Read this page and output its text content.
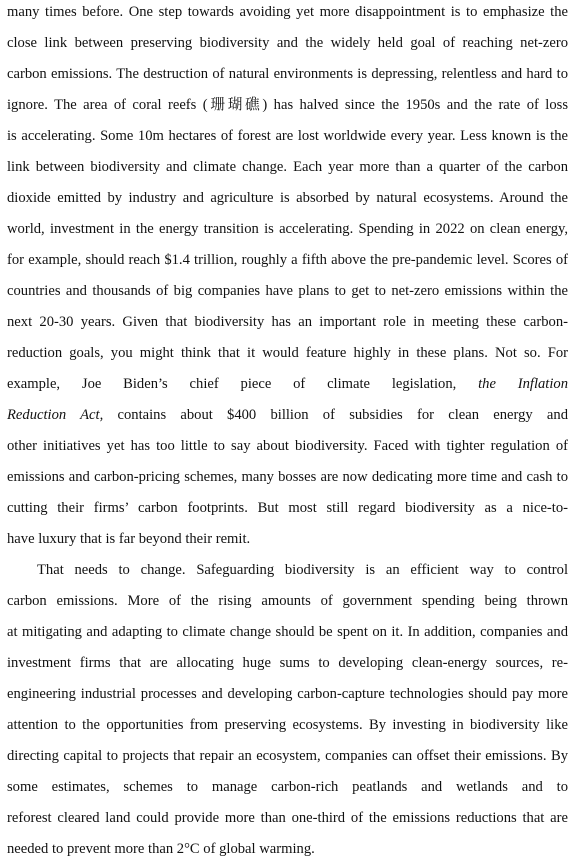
many times before. One step towards avoiding yet more disappointment is to emphasize the
close link between preserving biodiversity and the widely held goal of reaching net-zero
carbon emissions. The destruction of natural environments is depressing, relentless and hard to
ignore. The area of coral reefs (珊瑚礁) has halved since the 1950s and the rate of loss
is accelerating. Some 10m hectares of forest are lost worldwide every year. Less known is the
link between biodiversity and climate change. Each year more than a quarter of the carbon
dioxide emitted by industry and agriculture is absorbed by natural ecosystems. Around the
world, investment in the energy transition is accelerating. Spending in 2022 on clean energy,
for example, should reach $1.4 trillion, roughly a fifth above the pre-pandemic level. Scores of
countries and thousands of big companies have plans to get to net-zero emissions within the
next 20-30 years. Given that biodiversity has an important role in meeting these carbon-
reduction goals, you might think that it would feature highly in these plans. Not so. For
example, Joe Biden’s chief piece of climate legislation, the Inflation
Reduction Act, contains about $400 billion of subsidies for clean energy and
other initiatives yet has too little to say about biodiversity. Faced with tighter regulation of
emissions and carbon-pricing schemes, many bosses are now dedicating more time and cash to
cutting their firms’ carbon footprints. But most still regard biodiversity as a nice-to-
have luxury that is far beyond their remit.
That needs to change. Safeguarding biodiversity is an efficient way to control
carbon emissions. More of the rising amounts of government spending being thrown
at mitigating and adapting to climate change should be spent on it. In addition, companies and
investment firms that are allocating huge sums to developing clean-energy sources, re-
engineering industrial processes and developing carbon-capture technologies should pay more
attention to the opportunities from preserving ecosystems. By investing in biodiversity like
directing capital to projects that repair an ecosystem, companies can offset their emissions. By
some estimates, schemes to manage carbon-rich peatlands and wetlands and to
reforest cleared land could provide more than one-third of the emissions reductions that are
needed to prevent more than 2°C of global warming.
